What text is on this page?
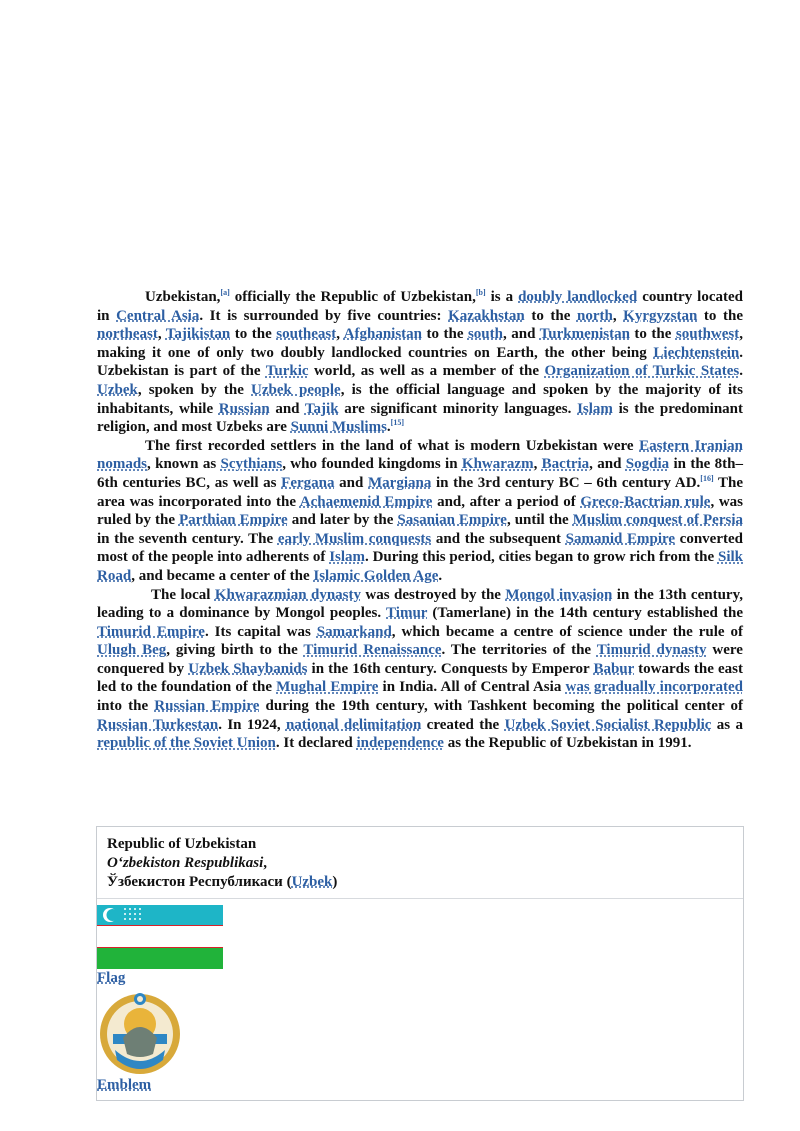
Uzbekistan,[a] officially the Republic of Uzbekistan,[b] is a doubly landlocked country located in Central Asia. It is surrounded by five countries: Kazakhstan to the north, Kyrgyzstan to the northeast, Tajikistan to the southeast, Afghanistan to the south, and Turkmenistan to the southwest, making it one of only two doubly landlocked countries on Earth, the other being Liechtenstein. Uzbekistan is part of the Turkic world, as well as a member of the Organization of Turkic States. Uzbek, spoken by the Uzbek people, is the official language and spoken by the majority of its inhabitants, while Russian and Tajik are significant minority languages. Islam is the predominant religion, and most Uzbeks are Sunni Muslims.[15]

The first recorded settlers in the land of what is modern Uzbekistan were Eastern Iranian nomads, known as Scythians, who founded kingdoms in Khwarazm, Bactria, and Sogdia in the 8th–6th centuries BC, as well as Fergana and Margiana in the 3rd century BC – 6th century AD.[16] The area was incorporated into the Achaemenid Empire and, after a period of Greco-Bactrian rule, was ruled by the Parthian Empire and later by the Sasanian Empire, until the Muslim conquest of Persia in the seventh century. The early Muslim conquests and the subsequent Samanid Empire converted most of the people into adherents of Islam. During this period, cities began to grow rich from the Silk Road, and became a center of the Islamic Golden Age.

The local Khwarazmian dynasty was destroyed by the Mongol invasion in the 13th century, leading to a dominance by Mongol peoples. Timur (Tamerlane) in the 14th century established the Timurid Empire. Its capital was Samarkand, which became a centre of science under the rule of Ulugh Beg, giving birth to the Timurid Renaissance. The territories of the Timurid dynasty were conquered by Uzbek Shaybanids in the 16th century. Conquests by Emperor Babur towards the east led to the foundation of the Mughal Empire in India. All of Central Asia was gradually incorporated into the Russian Empire during the 19th century, with Tashkent becoming the political center of Russian Turkestan. In 1924, national delimitation created the Uzbek Soviet Socialist Republic as a republic of the Soviet Union. It declared independence as the Republic of Uzbekistan in 1991.

Republic of Uzbekistan
O‘zbekiston Respublikasi,
Ўзбекистон Республикаси (Uzbek)
Flag
Emblem
